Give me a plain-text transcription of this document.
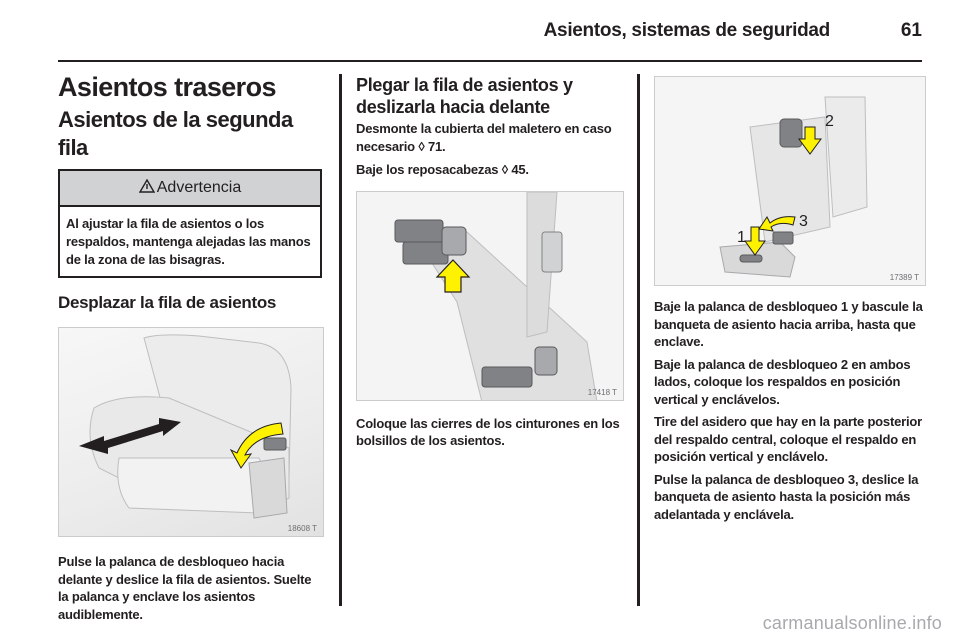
Asientos, sistemas de seguridad	61
Asientos traseros
Asientos de la segunda fila
Advertencia
Al ajustar la fila de asientos o los respaldos, mantenga alejadas las manos de la zona de las bisagras.
Desplazar la fila de asientos
18608 T

Pulse la palanca de desbloqueo hacia delante y deslice la fila de asientos. Suelte la palanca y enclave los asientos audiblemente.

Plegar la fila de asientos y deslizarla hacia delante

Desmonte la cubierta del maletero en caso necesario ◊ 71.

Baje los reposacabezas ◊ 45.

17418 T

Coloque las cierres de los cinturones en los bolsillos de los asientos.

2
3
1
17389 T

Baje la palanca de desbloqueo 1 y bascule la banqueta de asiento hacia arriba, hasta que enclave.

Baje la palanca de desbloqueo 2 en ambos lados, coloque los respaldos en posición vertical y enclávelos.

Tire del asidero que hay en la parte posterior del respaldo central, coloque el respaldo en posición vertical y enclávelo.

Pulse la palanca de desbloqueo 3, deslice la banqueta de asiento hasta la posición más adelantada y enclávela.

carmanualsonline.info
